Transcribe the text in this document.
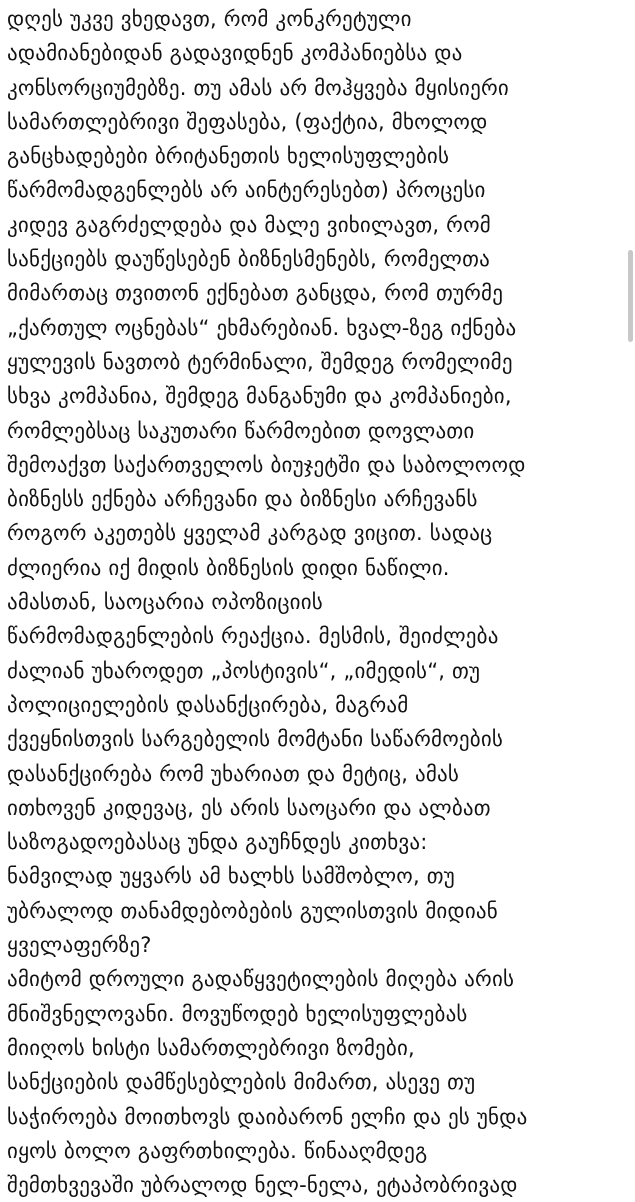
დღეს უკვე ვხედავთ, რომ კონკრეტული
ადამიანებიდან გადავიდნენ კომპანიებსა და
კონსორციუმებზე. თუ ამას არ მოჰყვება მყისიერი
სამართლებრივი შეფასება, (ფაქტია, მხოლოდ
განცხადებები ბრიტანეთის ხელისუფლების
წარმომადგენლებს არ აინტერესებთ) პროცესი
კიდევ გაგრძელდება და მალე ვიხილავთ, რომ
სანქციებს დაუწესებენ ბიზნესმენებს, რომელთა
მიმართაც თვითონ ექნებათ განცდა, რომ თურმე
„ქართულ ოცნებას“ ეხმარებიან. ხვალ-ზეგ იქნება
ყულევის ნავთობ ტერმინალი, შემდეგ რომელიმე
სხვა კომპანია, შემდეგ მანგანუმი და კომპანიები,
რომლებსაც საკუთარი წარმოებით დოვლათი
შემოაქვთ საქართველოს ბიუჯეტში და საბოლოოდ
ბიზნესს ექნება არჩევანი და ბიზნესი არჩევანს
როგორ აკეთებს ყველამ კარგად ვიცით. სადაც
ძლიერია იქ მიდის ბიზნესის დიდი ნაწილი.
ამასთან, საოცარია ოპოზიციის
წარმომადგენლების რეაქცია. მესმის, შეიძლება
ძალიან უხაროდეთ „პოსტივის“, „იმედის“, თუ
პოლიციელების დასანქცირება, მაგრამ
ქვეყნისთვის სარგებელის მომტანი საწარმოების
დასანქცირება რომ უხარიათ და მეტიც, ამას
ითხოვენ კიდევაც, ეს არის საოცარი და ალბათ
საზოგადოებასაც უნდა გაუჩნდეს კითხვა:
ნამვილად უყვარს ამ ხალხს სამშობლო, თუ
უბრალოდ თანამდებობების გულისთვის მიდიან
ყველაფერზე?
ამიტომ დროული გადაწყვეტილების მიღება არის
მნიშვნელოვანი. მოვუწოდებ ხელისუფლებას
მიიღოს ხისტი სამართლებრივი ზომები,
სანქციების დამწესებლების მიმართ, ასევე თუ
საჭიროება მოითხოვს დაიბარონ ელჩი და ეს უნდა
იყოს ბოლო გაფრთხილება. წინააღმდეგ
შემთხვევაში უბრალოდ ნელ-ნელა, ეტაპობრივად
